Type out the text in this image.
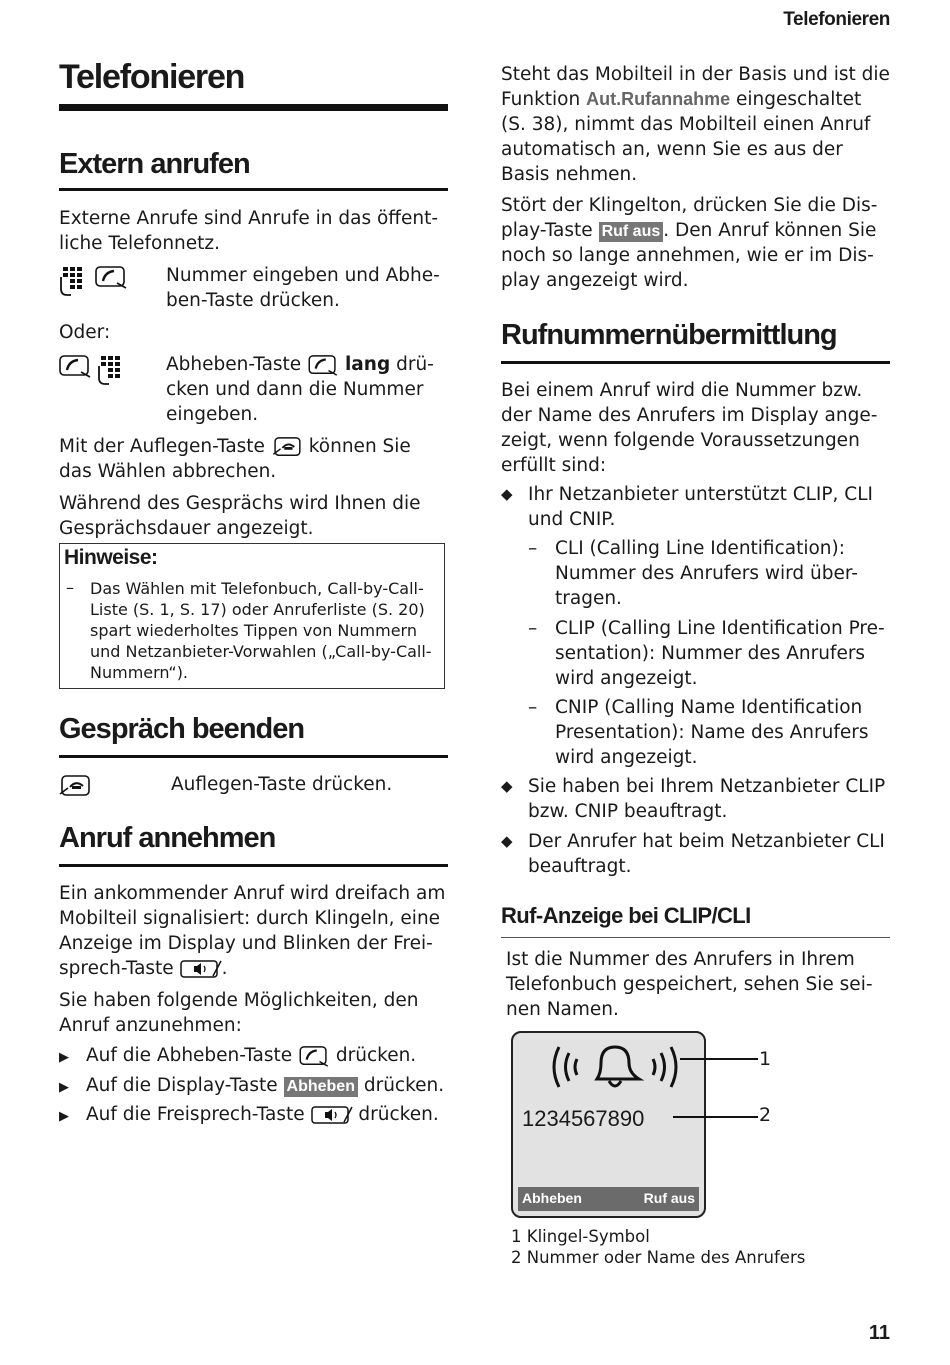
Telefonieren
11
Telefonieren
Extern anrufen

Externe Anrufe sind Anrufe in das öffent-liche Telefonnetz.

Nummer eingeben und Abhe-ben-Taste drücken.

Oder:

Abheben-Taste lang drü-cken und dann die Nummer eingeben.

Mit der Auflegen-Taste können Sie das Wählen abbrechen.

Während des Gesprächs wird Ihnen die Gesprächsdauer angezeigt.

Hinweise:
– Das Wählen mit Telefonbuch, Call-by-Call-Liste (S. 1, S. 17) oder Anruferliste (S. 20) spart wiederholtes Tippen von Nummern und Netzanbieter-Vorwahlen („Call-by-Call-Nummern“).
Gespräch beenden
Auflegen-Taste drücken.
Anruf annehmen

Ein ankommender Anruf wird dreifach am Mobilteil signalisiert: durch Klingeln, eine Anzeige im Display und Blinken der Frei-sprech-Taste	.

Sie haben folgende Möglichkeiten, den Anruf anzunehmen:

▶ Auf die Abheben-Taste drücken.
▶ Auf die Display-Taste Abheben drücken.
▶ Auf die Freisprech-Taste	drücken.

Steht das Mobilteil in der Basis und ist die Funktion Aut.Rufannahme eingeschaltet (S. 38), nimmt das Mobilteil einen Anruf automatisch an, wenn Sie es aus der Basis nehmen.

Stört der Klingelton, drücken Sie die Dis-play-Taste Ruf aus . Den Anruf können Sie noch so lange annehmen, wie er im Dis-play angezeigt wird.

Rufnummernübermittlung

Bei einem Anruf wird die Nummer bzw. der Name des Anrufers im Display ange-zeigt, wenn folgende Voraussetzungen erfüllt sind:

◆ Ihr Netzanbieter unterstützt CLIP, CLI und CNIP.
– CLI (Calling Line Identification): Nummer des Anrufers wird über-tragen.
– CLIP (Calling Line Identification Pre-sentation): Nummer des Anrufers wird angezeigt.
– CNIP (Calling Name Identification Presentation): Name des Anrufers wird angezeigt.
◆ Sie haben bei Ihrem Netzanbieter CLIP bzw. CNIP beauftragt.
◆ Der Anrufer hat beim Netzanbieter CLI beauftragt.
Ruf-Anzeige bei CLIP/CLI

Ist die Nummer des Anrufers in Ihrem Telefonbuch gespeichert, sehen Sie sei-nen Namen.

1234567890
Abheben	Ruf aus
1
2
1 Klingel-Symbol
2 Nummer oder Name des Anrufers
